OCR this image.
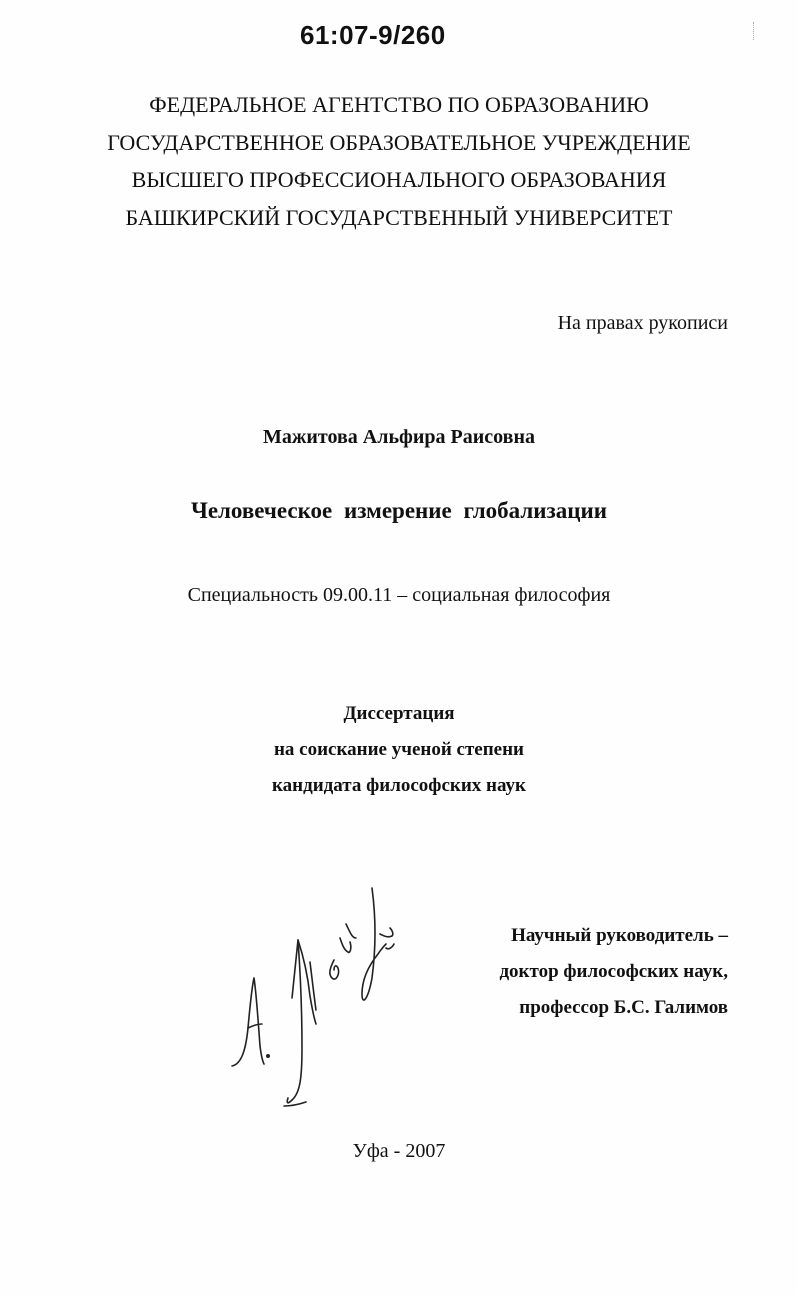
61:07-9/260
ФЕДЕРАЛЬНОЕ АГЕНТСТВО ПО ОБРАЗОВАНИЮ
ГОСУДАРСТВЕННОЕ ОБРАЗОВАТЕЛЬНОЕ УЧРЕЖДЕНИЕ
ВЫСШЕГО ПРОФЕССИОНАЛЬНОГО ОБРАЗОВАНИЯ
БАШКИРСКИЙ ГОСУДАРСТВЕННЫЙ УНИВЕРСИТЕТ
На правах рукописи
Мажитова Альфира Раисовна
Человеческое измерение глобализации
Специальность 09.00.11 – социальная философия
Диссертация
на соискание ученой степени
кандидата философских наук
Научный руководитель –
доктор философских наук,
профессор Б.С. Галимов
Уфа - 2007
